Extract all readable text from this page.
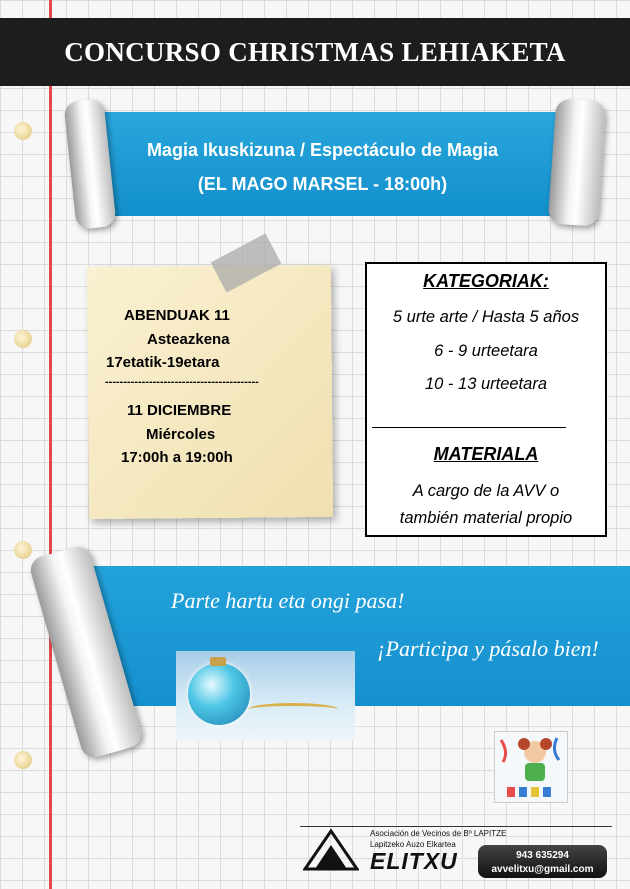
CONCURSO CHRISTMAS LEHIAKETA
Magia Ikuskizuna / Espectáculo de Magia
(EL MAGO MARSEL - 18:00h)
ABENDUAK 11
Asteazkena
17etatik-19etara
------------------------------------------
11 DICIEMBRE
Miércoles
17:00h a 19:00h
KATEGORIAK:
5 urte arte / Hasta 5 años
6 - 9 urteetara
10 - 13 urteetara
MATERIALA
A cargo de la AVV o
también material propio
Parte hartu eta ongi pasa!
¡Participa y pásalo bien!
Asociación de Vecinos de Bº LAPITZE
Lapitzeko Auzo Elkartea
ELITXU	943 635294
avvelitxu@gmail.com
